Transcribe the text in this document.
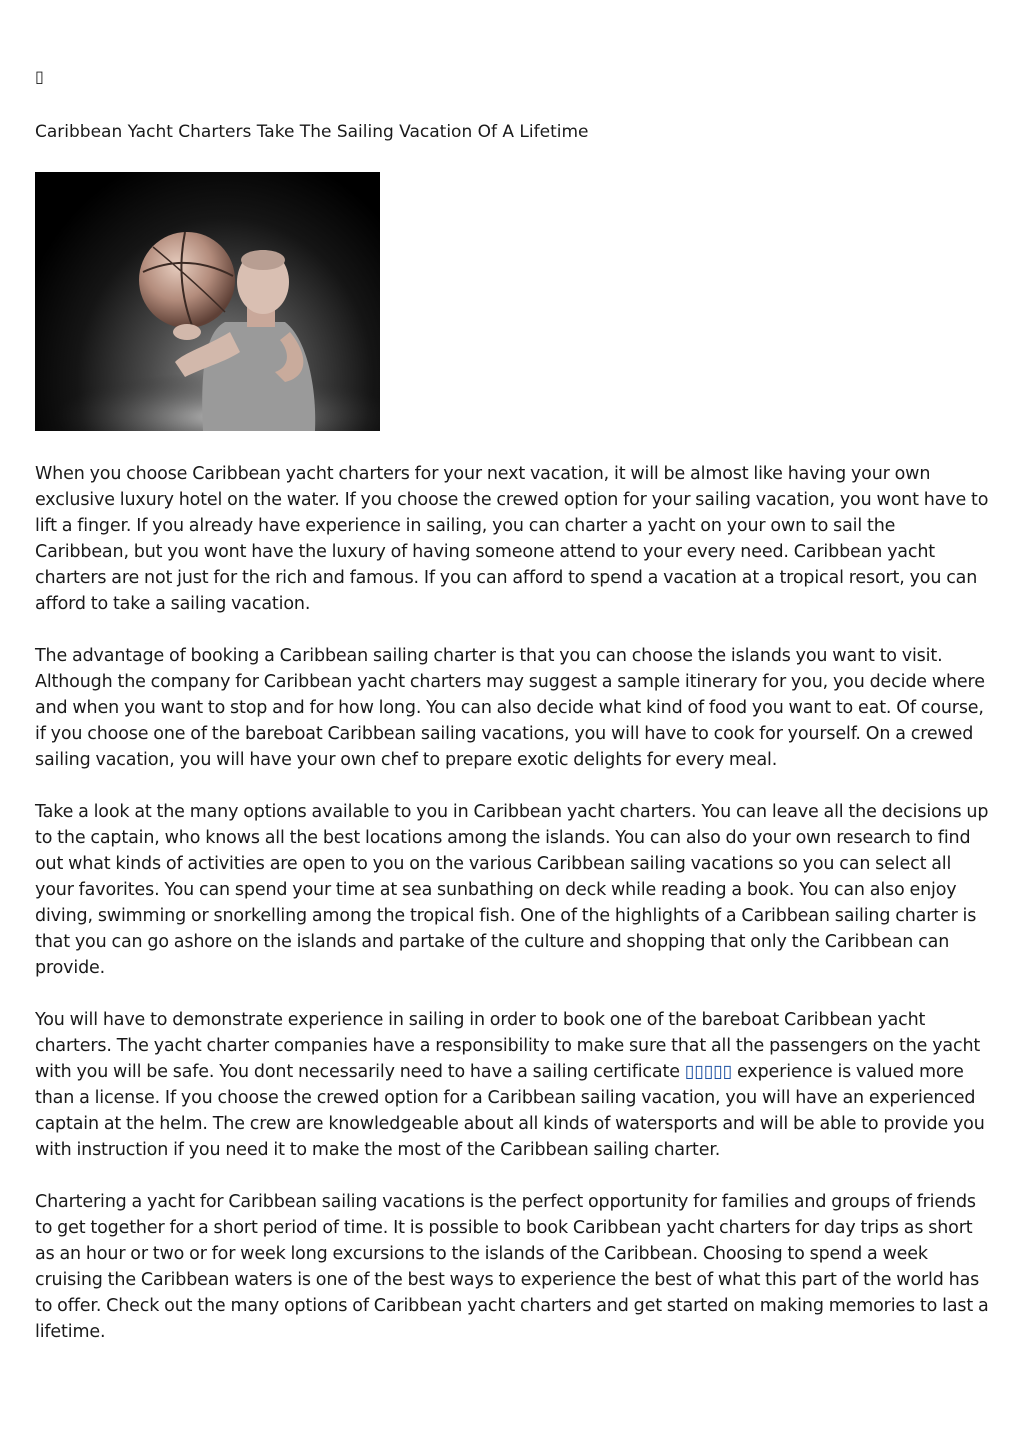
▯
Caribbean Yacht Charters Take The Sailing Vacation Of A Lifetime

When you choose Caribbean yacht charters for your next vacation, it will be almost like having your own exclusive luxury hotel on the water. If you choose the crewed option for your sailing vacation, you wont have to lift a finger. If you already have experience in sailing, you can charter a yacht on your own to sail the Caribbean, but you wont have the luxury of having someone attend to your every need. Caribbean yacht charters are not just for the rich and famous. If you can afford to spend a vacation at a tropical resort, you can afford to take a sailing vacation.

The advantage of booking a Caribbean sailing charter is that you can choose the islands you want to visit. Although the company for Caribbean yacht charters may suggest a sample itinerary for you, you decide where and when you want to stop and for how long. You can also decide what kind of food you want to eat. Of course, if you choose one of the bareboat Caribbean sailing vacations, you will have to cook for yourself. On a crewed sailing vacation, you will have your own chef to prepare exotic delights for every meal.

Take a look at the many options available to you in Caribbean yacht charters. You can leave all the decisions up to the captain, who knows all the best locations among the islands. You can also do your own research to find out what kinds of activities are open to you on the various Caribbean sailing vacations so you can select all your favorites. You can spend your time at sea sunbathing on deck while reading a book. You can also enjoy diving, swimming or snorkelling among the tropical fish. One of the highlights of a Caribbean sailing charter is that you can go ashore on the islands and partake of the culture and shopping that only the Caribbean can provide.

You will have to demonstrate experience in sailing in order to book one of the bareboat Caribbean yacht charters. The yacht charter companies have a responsibility to make sure that all the passengers on the yacht with you will be safe. You dont necessarily need to have a sailing certificate ▯▯▯▯▯ experience is valued more than a license. If you choose the crewed option for a Caribbean sailing vacation, you will have an experienced captain at the helm. The crew are knowledgeable about all kinds of watersports and will be able to provide you with instruction if you need it to make the most of the Caribbean sailing charter.

Chartering a yacht for Caribbean sailing vacations is the perfect opportunity for families and groups of friends to get together for a short period of time. It is possible to book Caribbean yacht charters for day trips as short as an hour or two or for week long excursions to the islands of the Caribbean. Choosing to spend a week cruising the Caribbean waters is one of the best ways to experience the best of what this part of the world has to offer. Check out the many options of Caribbean yacht charters and get started on making memories to last a lifetime.
